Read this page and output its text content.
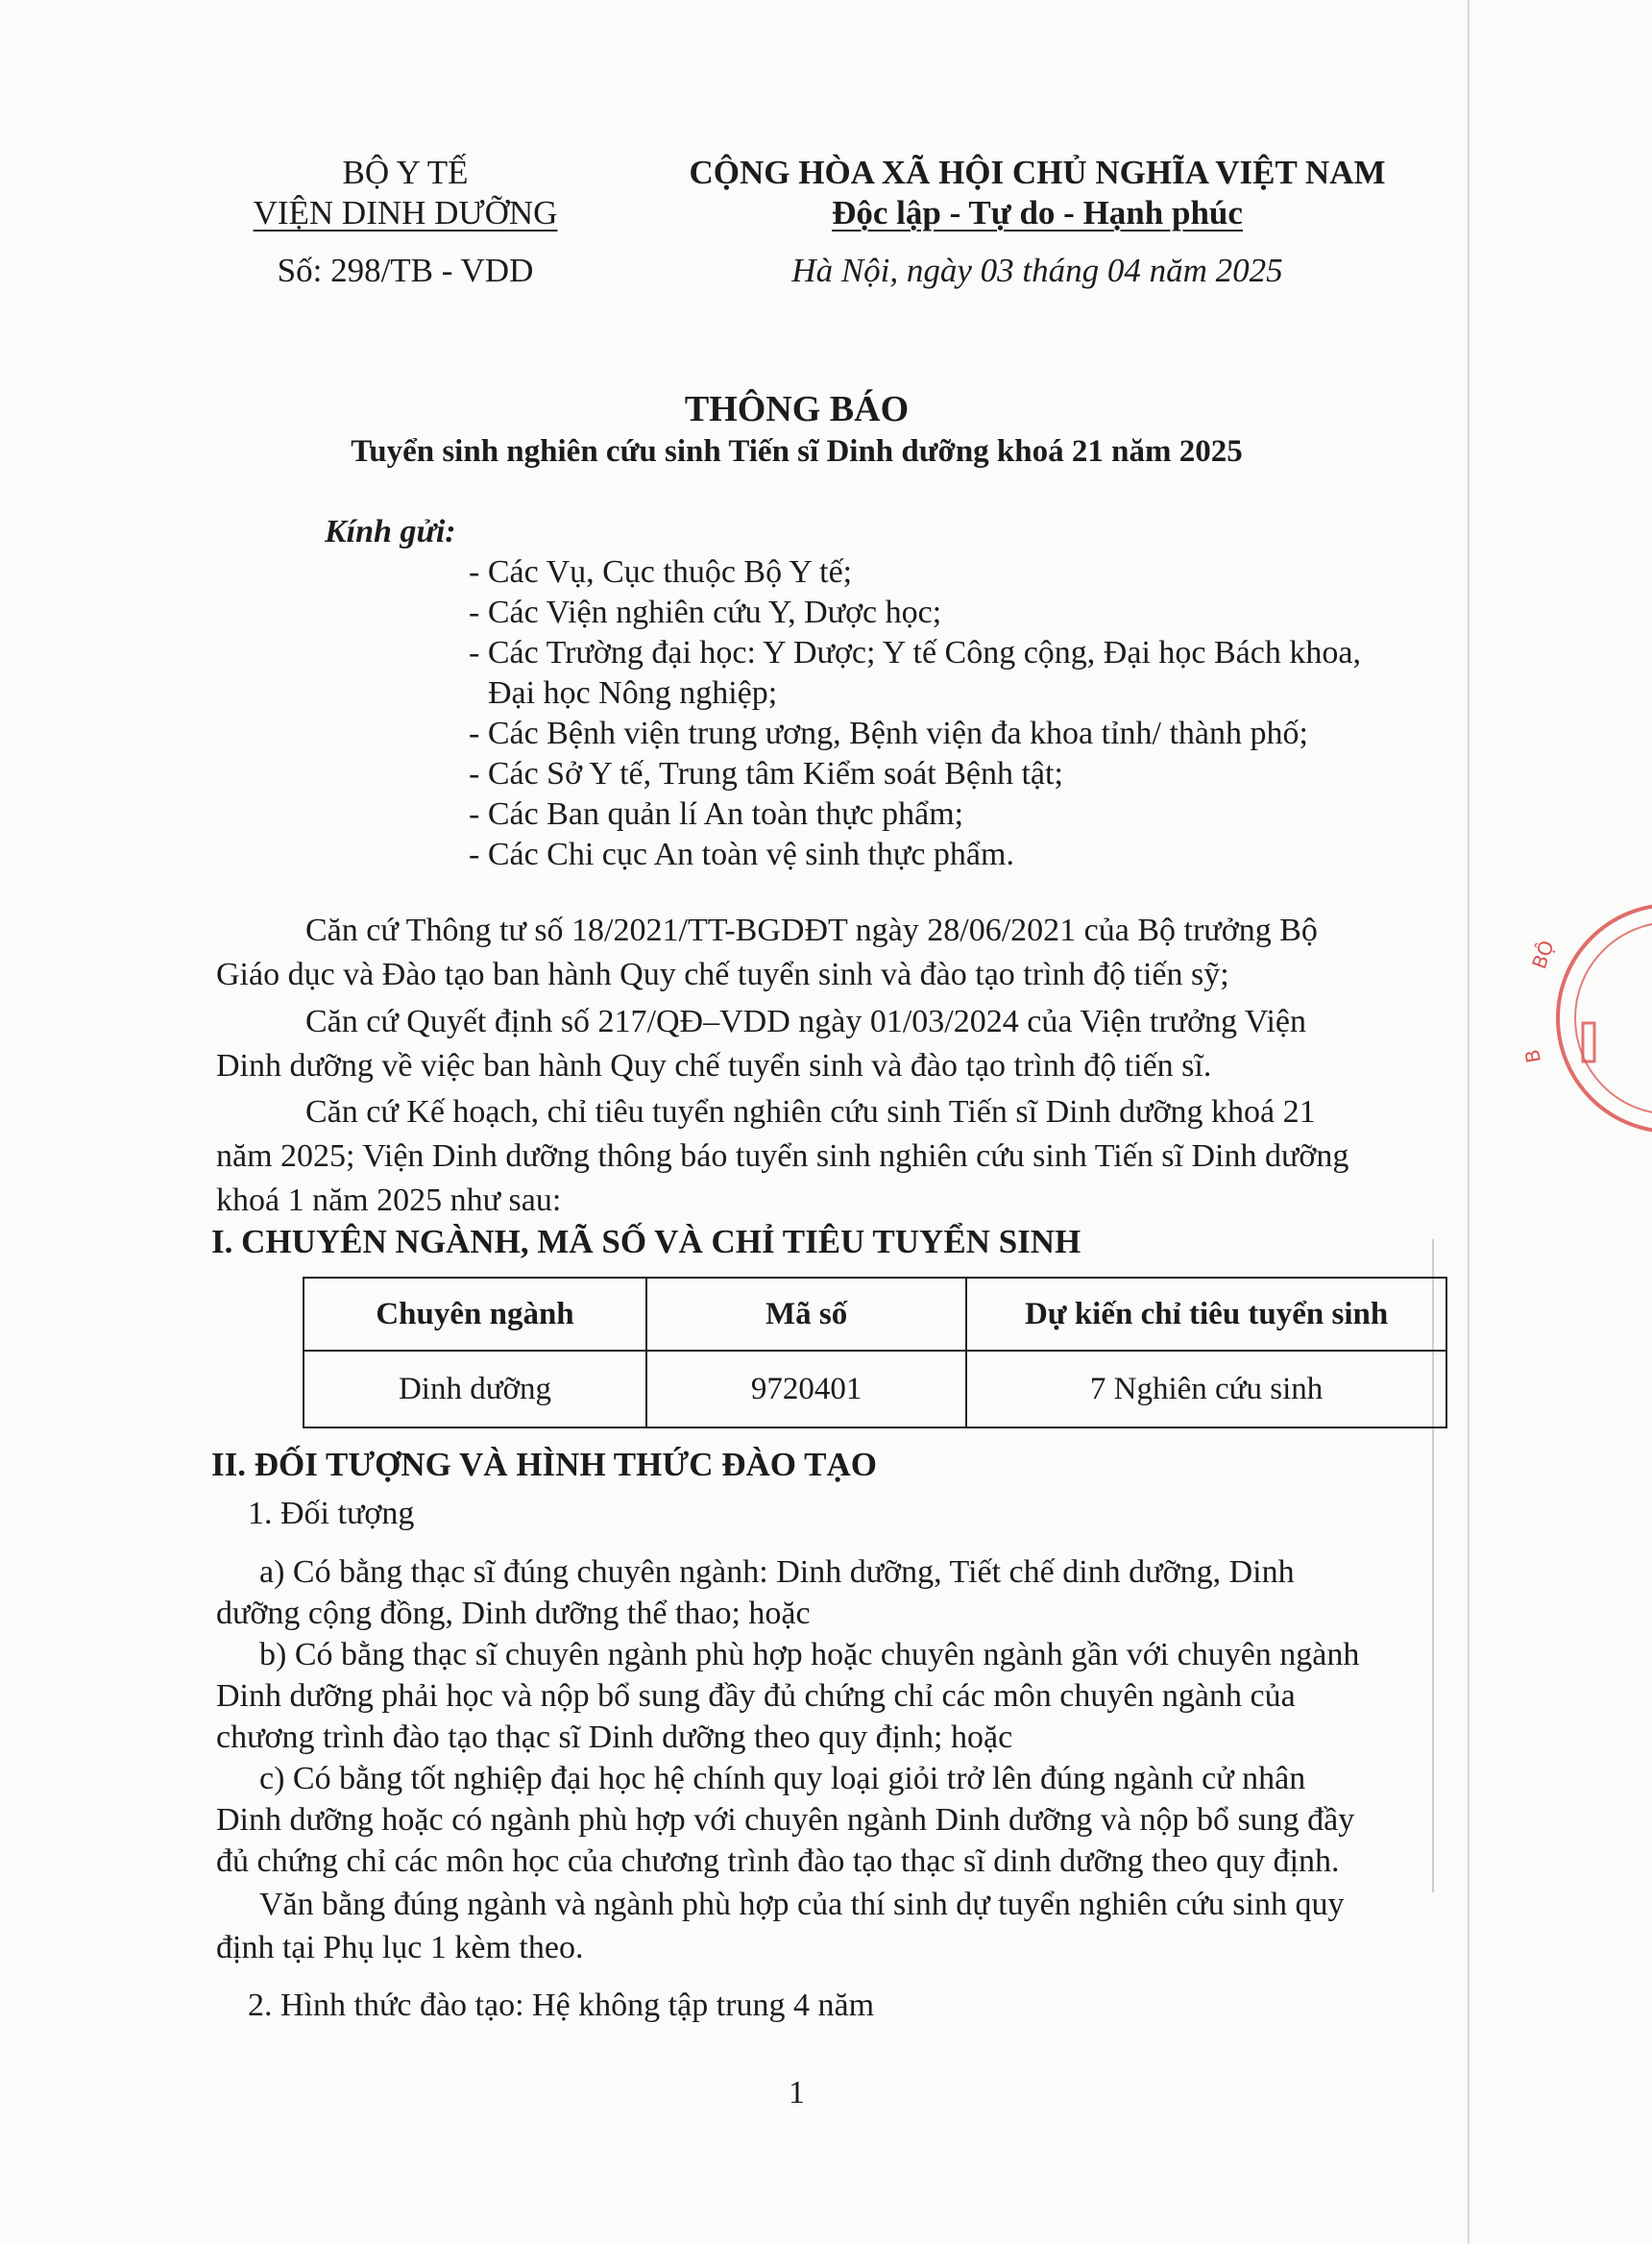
BỘ Y TẾ
VIỆN DINH DƯỠNG
Số: 298/TB - VDD
CỘNG HÒA XÃ HỘI CHỦ NGHĨA VIỆT NAM
Độc lập - Tự do - Hạnh phúc
Hà Nội, ngày 03 tháng 04 năm 2025
THÔNG BÁO
Tuyển sinh nghiên cứu sinh Tiến sĩ Dinh dưỡng khoá 21 năm 2025
Kính gửi:
- Các Vụ, Cục thuộc Bộ Y tế;
- Các Viện nghiên cứu Y, Dược học;
- Các Trường đại học: Y Dược; Y tế Công cộng, Đại học Bách khoa,
Đại học Nông nghiệp;
- Các Bệnh viện trung ương, Bệnh viện đa khoa tỉnh/ thành phố;
- Các Sở Y tế, Trung tâm Kiểm soát Bệnh tật;
- Các Ban quản lí An toàn thực phẩm;
- Các Chi cục An toàn vệ sinh thực phẩm.
Căn cứ Thông tư số 18/2021/TT-BGDĐT ngày 28/06/2021 của Bộ trưởng Bộ
Giáo dục và Đào tạo ban hành Quy chế tuyển sinh và đào tạo trình độ tiến sỹ;
Căn cứ Quyết định số 217/QĐ–VDD ngày 01/03/2024 của Viện trưởng Viện
Dinh dưỡng về việc ban hành Quy chế tuyển sinh và đào tạo trình độ tiến sĩ.
Căn cứ Kế hoạch, chỉ tiêu tuyển nghiên cứu sinh Tiến sĩ Dinh dưỡng khoá 21
năm 2025; Viện Dinh dưỡng thông báo tuyển sinh nghiên cứu sinh Tiến sĩ Dinh dưỡng
khoá 1 năm 2025 như sau:
I. CHUYÊN NGÀNH, MÃ SỐ VÀ CHỈ TIÊU TUYỂN SINH
Chuyên ngành	Mã số	Dự kiến chỉ tiêu tuyển sinh
Dinh dưỡng	9720401	7 Nghiên cứu sinh
II. ĐỐI TƯỢNG VÀ HÌNH THỨC ĐÀO TẠO
1. Đối tượng
a) Có bằng thạc sĩ đúng chuyên ngành: Dinh dưỡng, Tiết chế dinh dưỡng, Dinh
dưỡng cộng đồng, Dinh dưỡng thể thao; hoặc
b) Có bằng thạc sĩ chuyên ngành phù hợp hoặc chuyên ngành gần với chuyên ngành
Dinh dưỡng phải học và nộp bổ sung đầy đủ chứng chỉ các môn chuyên ngành của
chương trình đào tạo thạc sĩ Dinh dưỡng theo quy định; hoặc
c) Có bằng tốt nghiệp đại học hệ chính quy loại giỏi trở lên đúng ngành cử nhân
Dinh dưỡng hoặc có ngành phù hợp với chuyên ngành Dinh dưỡng và nộp bổ sung đầy
đủ chứng chỉ các môn học của chương trình đào tạo thạc sĩ dinh dưỡng theo quy định.
Văn bằng đúng ngành và ngành phù hợp của thí sinh dự tuyển nghiên cứu sinh quy
định tại Phụ lục 1 kèm theo.
2. Hình thức đào tạo: Hệ không tập trung 4 năm
1
BỘ
B
